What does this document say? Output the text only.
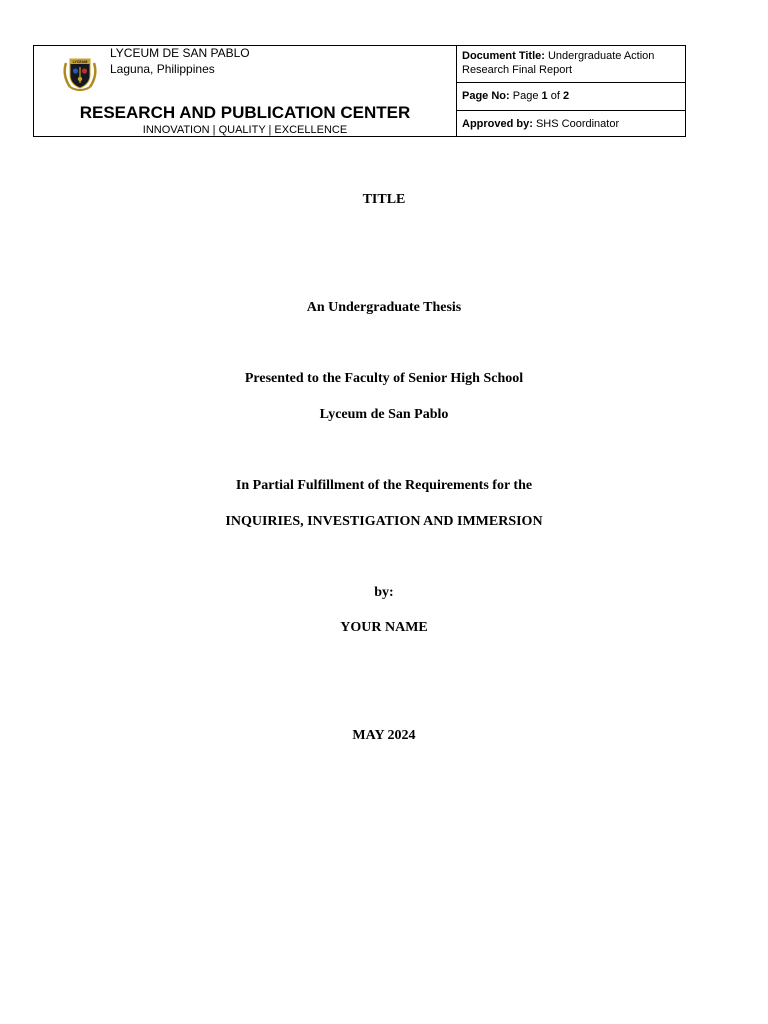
LYCEUM
LYCEUM DE SAN PABLO
Laguna, Philippines
RESEARCH AND PUBLICATION CENTER
INNOVATION | QUALITY | EXCELLENCE
Document Title: Undergraduate Action
Research Final Report
Page No: Page 1 of 2
Approved by: SHS Coordinator
TITLE
An Undergraduate Thesis
Presented to the Faculty of Senior High School
Lyceum de San Pablo
In Partial Fulfillment of the Requirements for the
INQUIRIES, INVESTIGATION AND IMMERSION
by:
YOUR NAME
MAY 2024
